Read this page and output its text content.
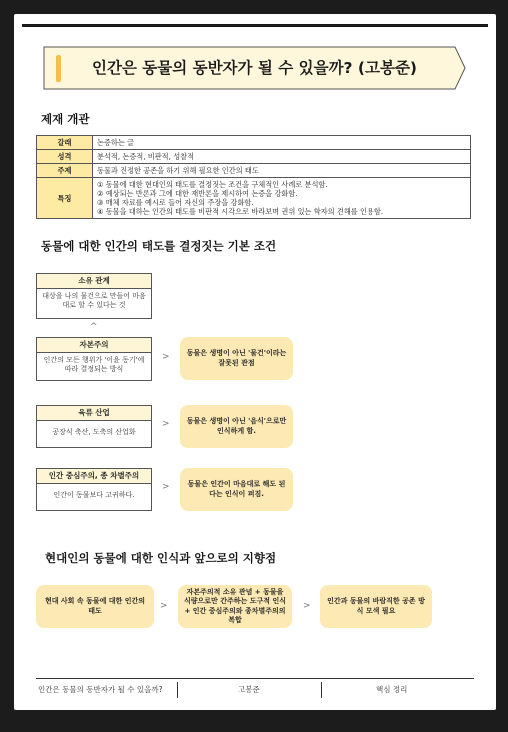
인간은 동물의 동반자가 될 수 있을까? (고봉준)
제재 개관
갈래	논증하는 글
성격	분석적, 논증적, 비판적, 성찰적
주제	동물과 진정한 공존을 하기 위해 필요한 인간의 태도
특징	① 동물에 대한 현대인의 태도를 결정짓는 조건을 구체적인 사례로 분석함.
② 예상되는 반론과 그에 대한 재반론을 제시하여 논증을 강화함.
③ 매체 자료를 예시로 들어 자신의 주장을 강화함.
④ 동물을 대하는 인간의 태도를 비판적 시각으로 바라보며 권위 있는 학자의 견해를 인용함.
동물에 대한 인간의 태도를 결정짓는 기본 조건
소유 관계
대상을 나의 물건으로 만들어 마음대로 할 수 있다는 것
^
자본주의
인간의 모든 행위가 '이윤 동기'에 따라 결정되는 방식
>	동물은 생명이 아닌 '물건'이라는 잘못된 관점
육류 산업
공장식 축산, 도축의 산업화
>	동물은 생명이 아닌 '음식'으로만 인식하게 함.
인간 중심주의, 종 차별주의
인간이 동물보다 고귀하다.
>	동물은 인간이 마음대로 해도 된다는 인식이 퍼짐.
현대인의 동물에 대한 인식과 앞으로의 지향점
현대 사회 속 동물에 대한 인간의 태도	>
자본주의적 소유 관념 + 동물을 식량으로만 간주하는 도구적 인식 + 인간 중심주의와 종차별주의의 복합
>	인간과 동물의 바람직한 공존 방식 모색 필요
인간은 동물의 동반자가 될 수 있을까?	고봉준	핵심 정리
